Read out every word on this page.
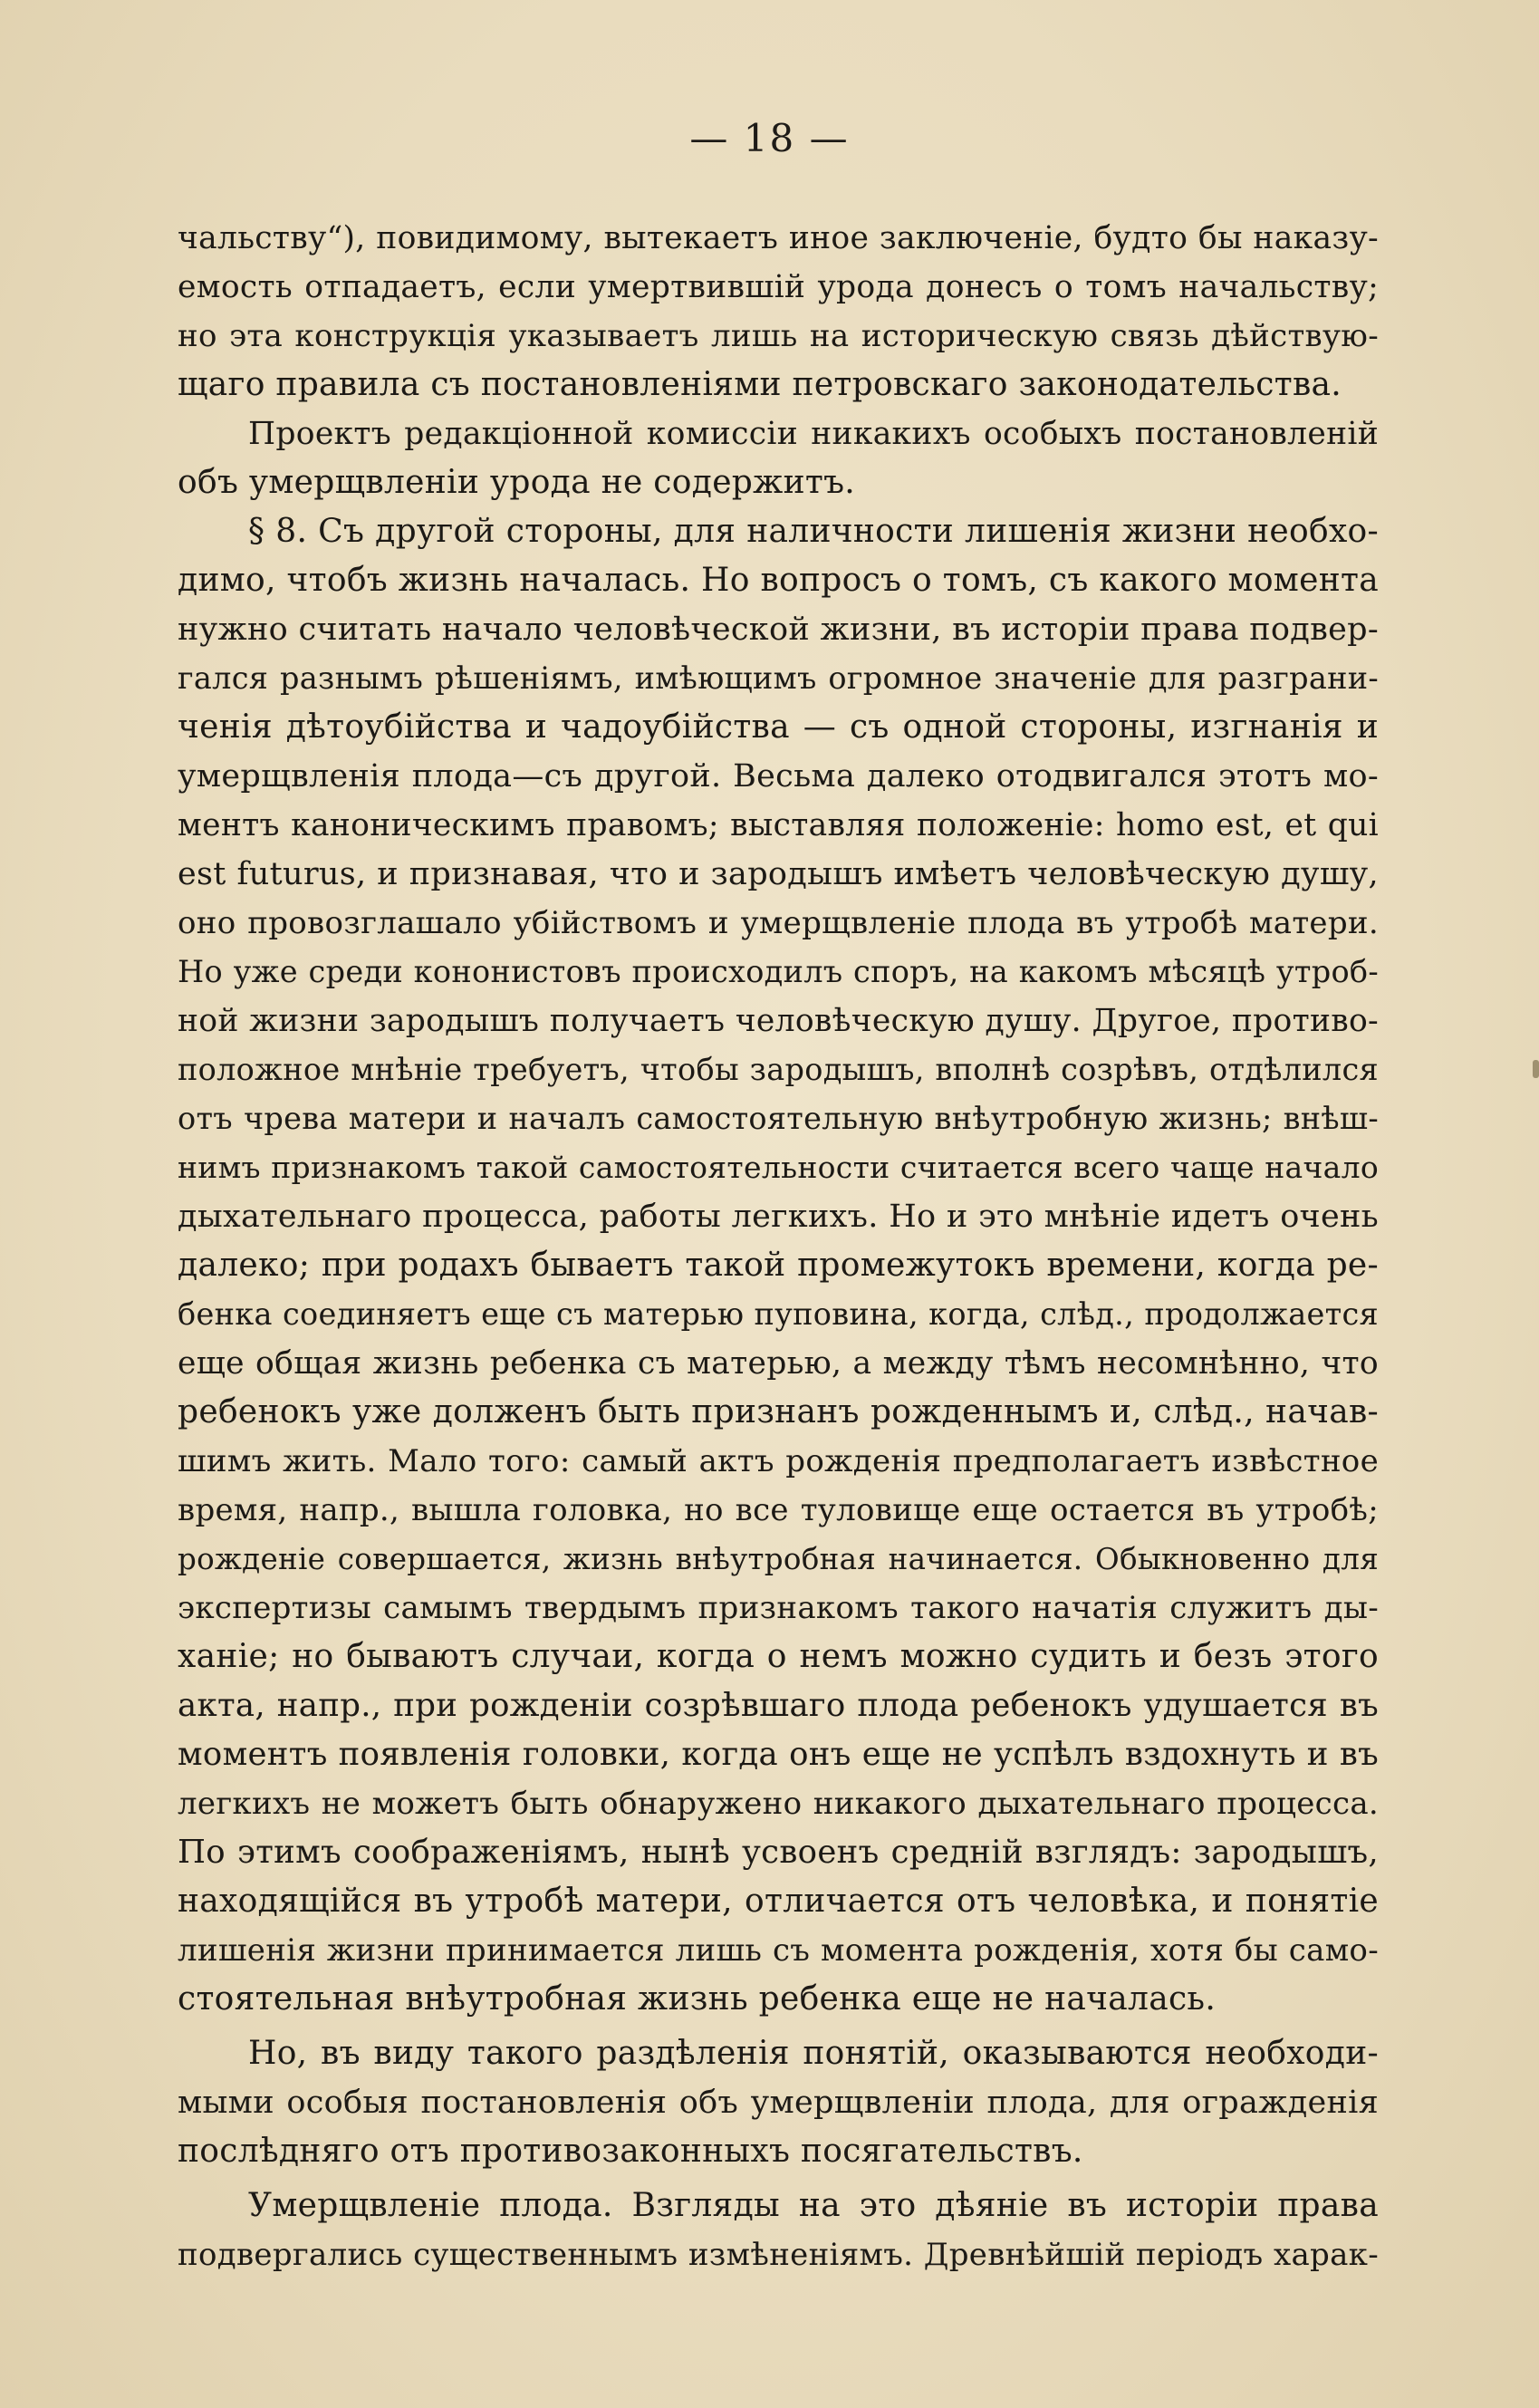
— 18 —
чальству“), повидимому, вытекаетъ иное заключеніе, будто бы наказу-
емость отпадаетъ, если умертвившій урода донесъ о томъ начальству;
но эта конструкція указываетъ лишь на историческую связь дѣйствую-
щаго правила съ постановленіями петровскаго законодательства.
Проектъ редакціонной комиссіи никакихъ особыхъ постановленій
объ умерщвленіи урода не содержитъ.
§ 8. Съ другой стороны, для наличности лишенія жизни необхо-
димо, чтобъ жизнь началась. Но вопросъ о томъ, съ какого момента
нужно считать начало человѣческой жизни, въ исторіи права подвер-
гался разнымъ рѣшеніямъ, имѣющимъ огромное значеніе для разграни-
ченія дѣтоубійства и чадоубійства — съ одной стороны, изгнанія и
умерщвленія плода—съ другой. Весьма далеко отодвигался этотъ мо-
ментъ каноническимъ правомъ; выставляя положеніе: homo est, et qui
est futurus, и признавая, что и зародышъ имѣетъ человѣческую душу,
оно провозглашало убійствомъ и умерщвленіе плода въ утробѣ матери.
Но уже среди кононистовъ происходилъ споръ, на какомъ мѣсяцѣ утроб-
ной жизни зародышъ получаетъ человѣческую душу. Другое, противо-
положное мнѣніе требуетъ, чтобы зародышъ, вполнѣ созрѣвъ, отдѣлился
отъ чрева матери и началъ самостоятельную внѣутробную жизнь; внѣш-
нимъ признакомъ такой самостоятельности считается всего чаще начало
дыхательнаго процесса, работы легкихъ. Но и это мнѣніе идетъ очень
далеко; при родахъ бываетъ такой промежутокъ времени, когда ре-
бенка соединяетъ еще съ матерью пуповина, когда, слѣд., продолжается
еще общая жизнь ребенка съ матерью, а между тѣмъ несомнѣнно, что
ребенокъ уже долженъ быть признанъ рожденнымъ и, слѣд., начав-
шимъ жить. Мало того: самый актъ рожденія предполагаетъ извѣстное
время, напр., вышла головка, но все туловище еще остается въ утробѣ;
рожденіе совершается, жизнь внѣутробная начинается. Обыкновенно для
экспертизы самымъ твердымъ признакомъ такого начатія служитъ ды-
ханіе; но бываютъ случаи, когда о немъ можно судить и безъ этого
акта, напр., при рожденіи созрѣвшаго плода ребенокъ удушается въ
моментъ появленія головки, когда онъ еще не успѣлъ вздохнуть и въ
легкихъ не можетъ быть обнаружено никакого дыхательнаго процесса.
По этимъ соображеніямъ, нынѣ усвоенъ средній взглядъ: зародышъ,
находящійся въ утробѣ матери, отличается отъ человѣка, и понятіе
лишенія жизни принимается лишь съ момента рожденія, хотя бы само-
стоятельная внѣутробная жизнь ребенка еще не началась.
Но, въ виду такого раздѣленія понятій, оказываются необходи-
мыми особыя постановленія объ умерщвленіи плода, для огражденія
послѣдняго отъ противозаконныхъ посягательствъ.
Умерщвленіе плода. Взгляды на это дѣяніе въ исторіи права
подвергались существеннымъ измѣненіямъ. Древнѣйшій періодъ харак-
